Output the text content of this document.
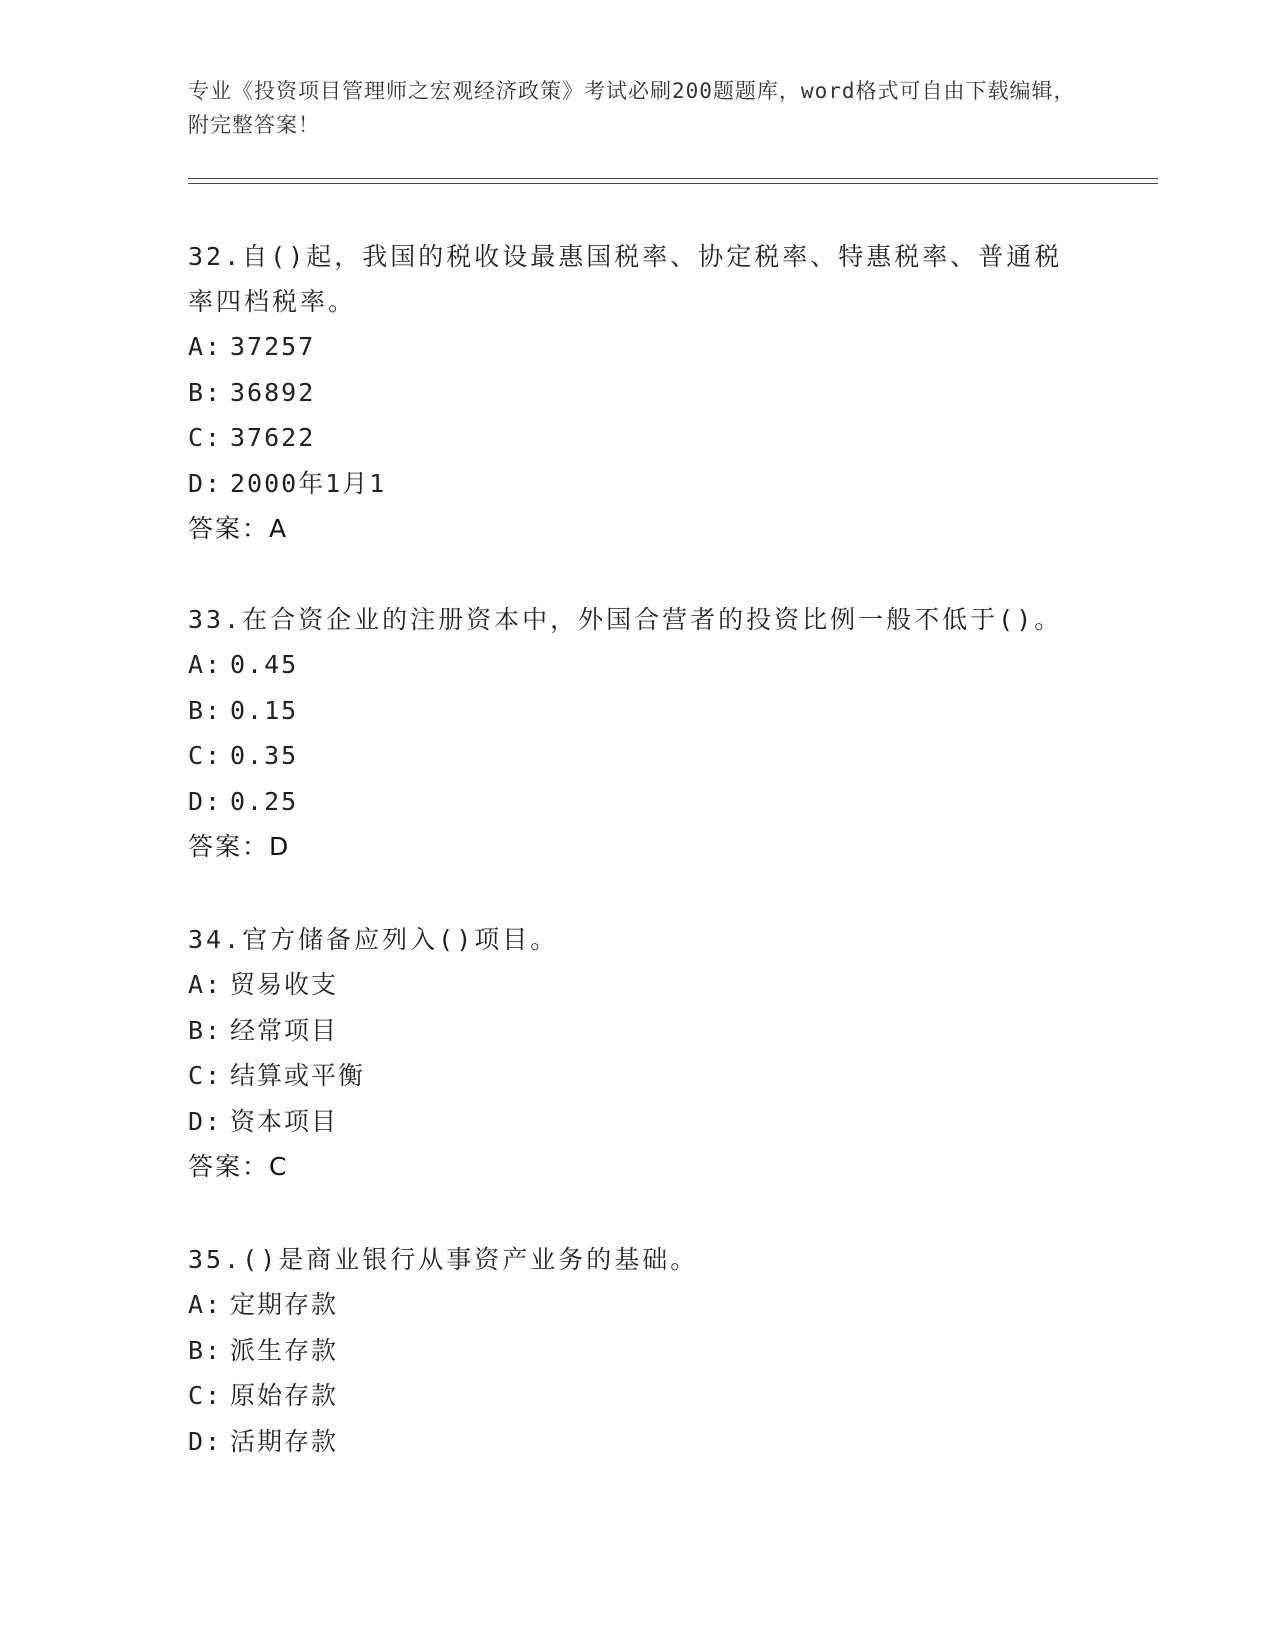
专业《投资项目管理师之宏观经济政策》考试必刷200题题库，word格式可自由下载编辑，附完整答案！

32.自()起，我国的税收设最惠国税率、协定税率、特惠税率、普通税率四档税率。

A: 37257

B: 36892

C: 37622

D: 2000年1月1

答案：A

33.在合资企业的注册资本中，外国合营者的投资比例一般不低于()。

A: 0.45

B: 0.15

C: 0.35

D: 0.25

答案：D

34.官方储备应列入()项目。

A: 贸易收支

B: 经常项目

C: 结算或平衡

D: 资本项目

答案：C

35.()是商业银行从事资产业务的基础。

A: 定期存款

B: 派生存款

C: 原始存款

D: 活期存款
